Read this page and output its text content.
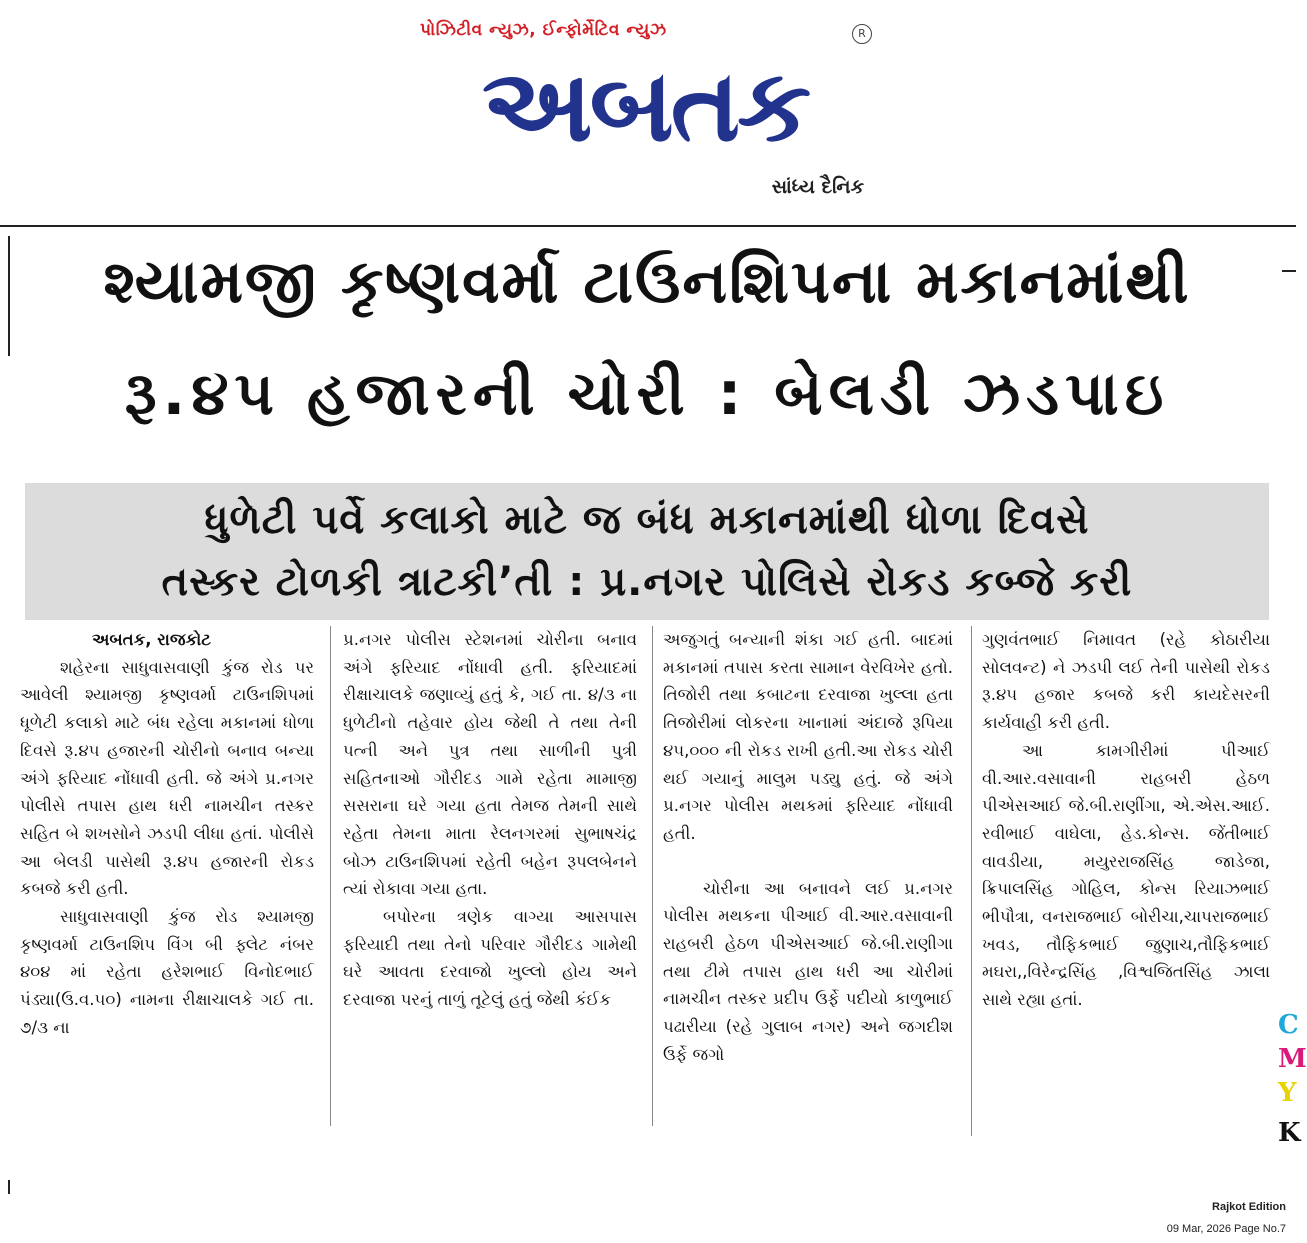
પોઝિટીવ ન્યુઝ, ઈન્ફોર્મેટિવ ન્યુઝ	R
અબતક
સાંધ્ય દૈનિક
શ્યામજી કૃષ્ણવર્મા ટાઉનશિપના મકાનમાંથી
રૂ.૪૫ હજારની ચોરી : બેલડી ઝડપાઇ
ધુળેટી પર્વે કલાકો માટે જ બંધ મકાનમાંથી ધોળા દિવસે
તસ્કર ટોળકી ત્રાટકી’તી : પ્ર.નગર પોલિસે રોકડ કબ્જે કરી
અબતક, રાજકોટ

શહેરના સાધુવાસવાણી કુંજ રોડ પર આવેલી શ્યામજી કૃષ્ણવર્મા ટાઉનશિપમાં ધૂળેટી કલાકો માટે બંધ રહેલા મકાનમાં ધોળા દિવસે રૂ.૪૫ હજારની ચોરીનો બનાવ બન્યા અંગે ફરિયાદ નોંધાવી હતી. જે અંગે પ્ર.નગર પોલીસે તપાસ હાથ ધરી નામચીન તસ્કર સહિત બે શખસોને ઝડપી લીધા હતાં. પોલીસે આ બેલડી પાસેથી રૂ.૪૫ હજારની રોકડ કબજે કરી હતી.

સાધુવાસવાણી કુંજ રોડ શ્યામજી કૃષ્ણવર્મા ટાઉનશિપ વિંગ બી ફ્લેટ નંબર ૪૦૪ માં રહેતા હરેશભાઈ વિનોદભાઈ પંડ્યા(ઉ.વ.૫૦) નામના રીક્ષાચાલકે ગઈ તા. ૭/૩ ના

પ્ર.નગર પોલીસ સ્ટેશનમાં ચોરીના બનાવ અંગે ફરિયાદ નોંધાવી હતી. ફરિયાદમાં રીક્ષાચાલકે જણાવ્યું હતું કે, ગઈ તા. ૪/૩ ના ધુળેટીનો તહેવાર હોય જેથી તે તથા તેની પત્ની અને પુત્ર તથા સાળીની પુત્રી સહિતનાઓ ગૌરીદડ ગામે રહેતા મામાજી સસરાના ઘરે ગયા હતા તેમજ તેમની સાથે રહેતા તેમના માતા રેલનગરમાં સુભાષચંદ્ર બોઝ ટાઉનશિપમાં રહેતી બહેન રૂપલબેનને ત્યાં રોકાવા ગયા હતા.

બપોરના ત્રણેક વાગ્યા આસપાસ ફરિયાદી તથા તેનો પરિવાર ગૌરીદડ ગામેથી ઘરે આવતા દરવાજો ખુલ્લો હોય અને દરવાજા પરનું તાળું તૂટેલું હતું જેથી કંઈક

અજુગતું બન્યાની શંકા ગઈ હતી. બાદમાં મકાનમાં તપાસ કરતા સામાન વેરવિખેર હતો. તિજોરી તથા કબાટના દરવાજા ખુલ્લા હતા તિજોરીમાં લોકરના ખાનામાં અંદાજે રૂપિયા ૪૫,૦૦૦ ની રોકડ રાખી હતી.આ રોકડ ચોરી થઈ ગયાનું માલુમ પડ્યુ હતું. જે અંગે પ્ર.નગર પોલીસ મથકમાં ફરિયાદ નોંધાવી હતી.

ચોરીના આ બનાવને લઈ પ્ર.નગર પોલીસ મથકના પીઆઈ વી.આર.વસાવાની રાહબરી હેઠળ પીએસઆઈ જે.બી.રાણીગા તથા ટીમે તપાસ હાથ ધરી આ ચોરીમાં નામચીન તસ્કર પ્રદીપ ઉર્ફે પદીયો કાળુભાઈ પઢારીયા (રહે ગુલાબ નગર) અને જગદીશ ઉર્ફે જગો

ગુણવંતભાઈ નિમાવત (રહે કોઠારીયા સોલવન્ટ) ને ઝડપી લઈ તેની પાસેથી રોકડ રૂ.૪૫ હજાર કબજે કરી કાયદેસરની કાર્યવાહી કરી હતી.

આ કામગીરીમાં પીઆઈ વી.આર.વસાવાની રાહબરી હેઠળ પીએસઆઈ જે.બી.રાણીંગા, એ.એસ.આઈ. રવીભાઈ વાઘેલા, હેડ.કોન્સ. જેંતીભાઈ વાવડીયા, મયુરરાજસિંહ જાડેજા, ક્રિપાલસિંહ ગોહિલ, કોન્સ રિયાઝભાઈ ભીપૌત્રા, વનરાજભાઈ બોરીચા,ચાપરાજભાઈ ખવડ, તૌફિકભાઈ જુણાચ,તૌફિકભાઈ મઘરા,,વિરેન્દ્રસિંહ ,વિશ્વજિતસિંહ ઝાલા સાથે રહ્યા હતાં.

C
M
Y
K
Rajkot Edition
09 Mar, 2026 Page No.7
